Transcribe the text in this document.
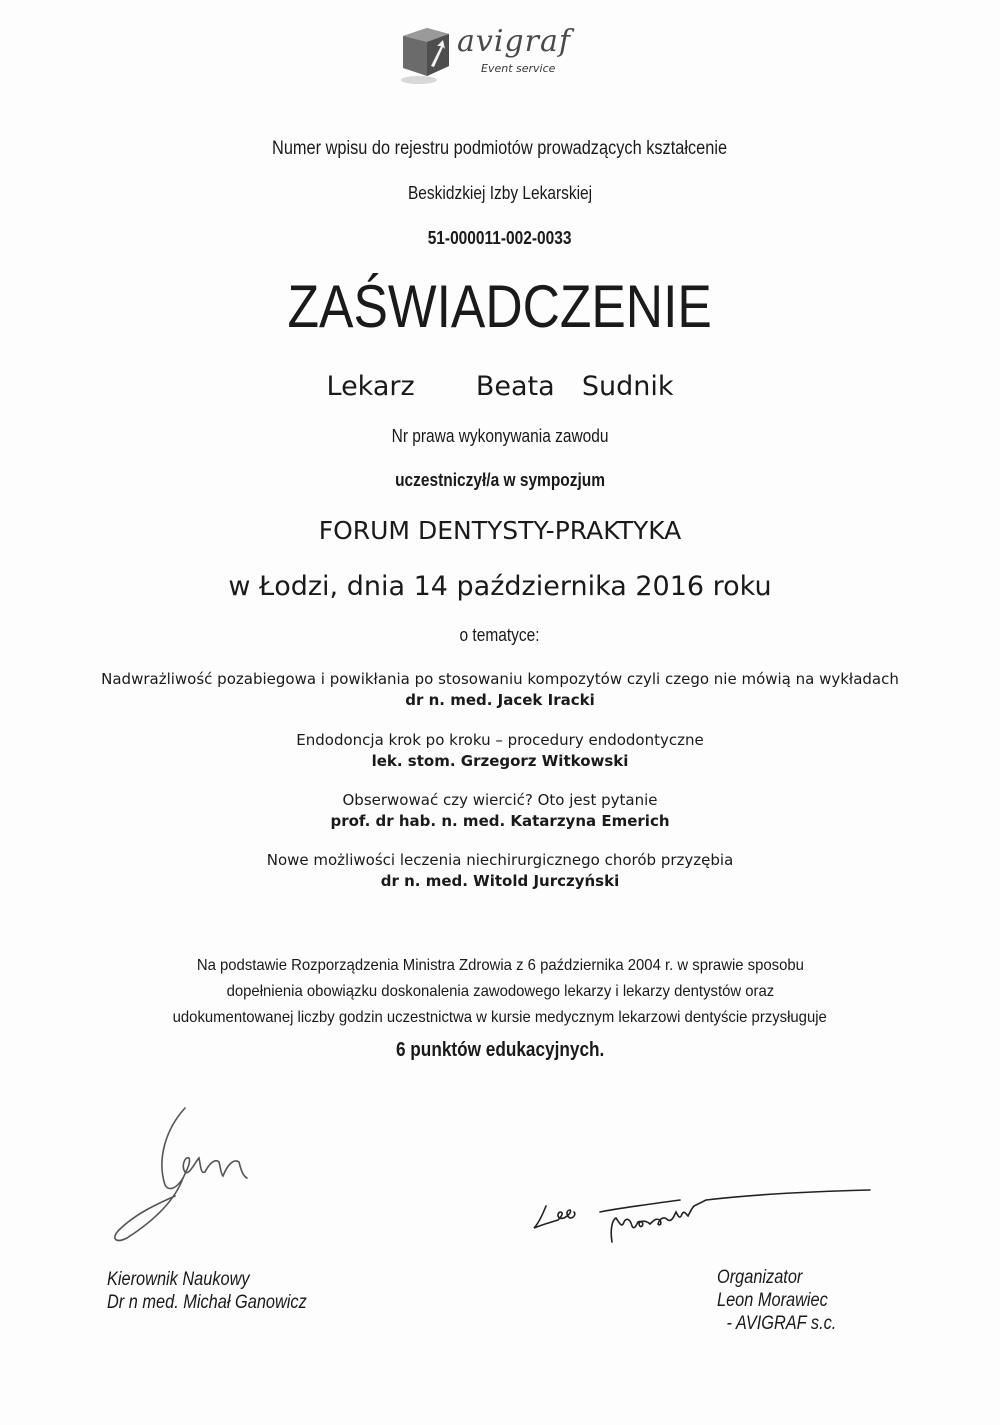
avigraf
Event service
Numer wpisu do rejestru podmiotów prowadzących kształcenie
Beskidzkiej Izby Lekarskiej
51-000011-002-0033
ZAŚWIADCZENIE
Lekarz Beata Sudnik
Nr prawa wykonywania zawodu
uczestniczył/a w sympozjum
FORUM DENTYSTY-PRAKTYKA
w Łodzi, dnia 14 października 2016 roku
o tematyce:
Nadwrażliwość pozabiegowa i powikłania po stosowaniu kompozytów czyli czego nie mówią na wykładach
dr n. med. Jacek Iracki
Endodoncja krok po kroku – procedury endodontyczne
lek. stom. Grzegorz Witkowski
Obserwować czy wiercić? Oto jest pytanie
prof. dr hab. n. med. Katarzyna Emerich
Nowe możliwości leczenia niechirurgicznego chorób przyzębia
dr n. med. Witold Jurczyński
Na podstawie Rozporządzenia Ministra Zdrowia z 6 października 2004 r. w sprawie sposobu
dopełnienia obowiązku doskonalenia zawodowego lekarzy i lekarzy dentystów oraz
udokumentowanej liczby godzin uczestnictwa w kursie medycznym lekarzowi dentyście przysługuje
6 punktów edukacyjnych.
Kierownik Naukowy
Dr n med. Michał Ganowicz
Organizator
Leon Morawiec
- AVIGRAF s.c.
